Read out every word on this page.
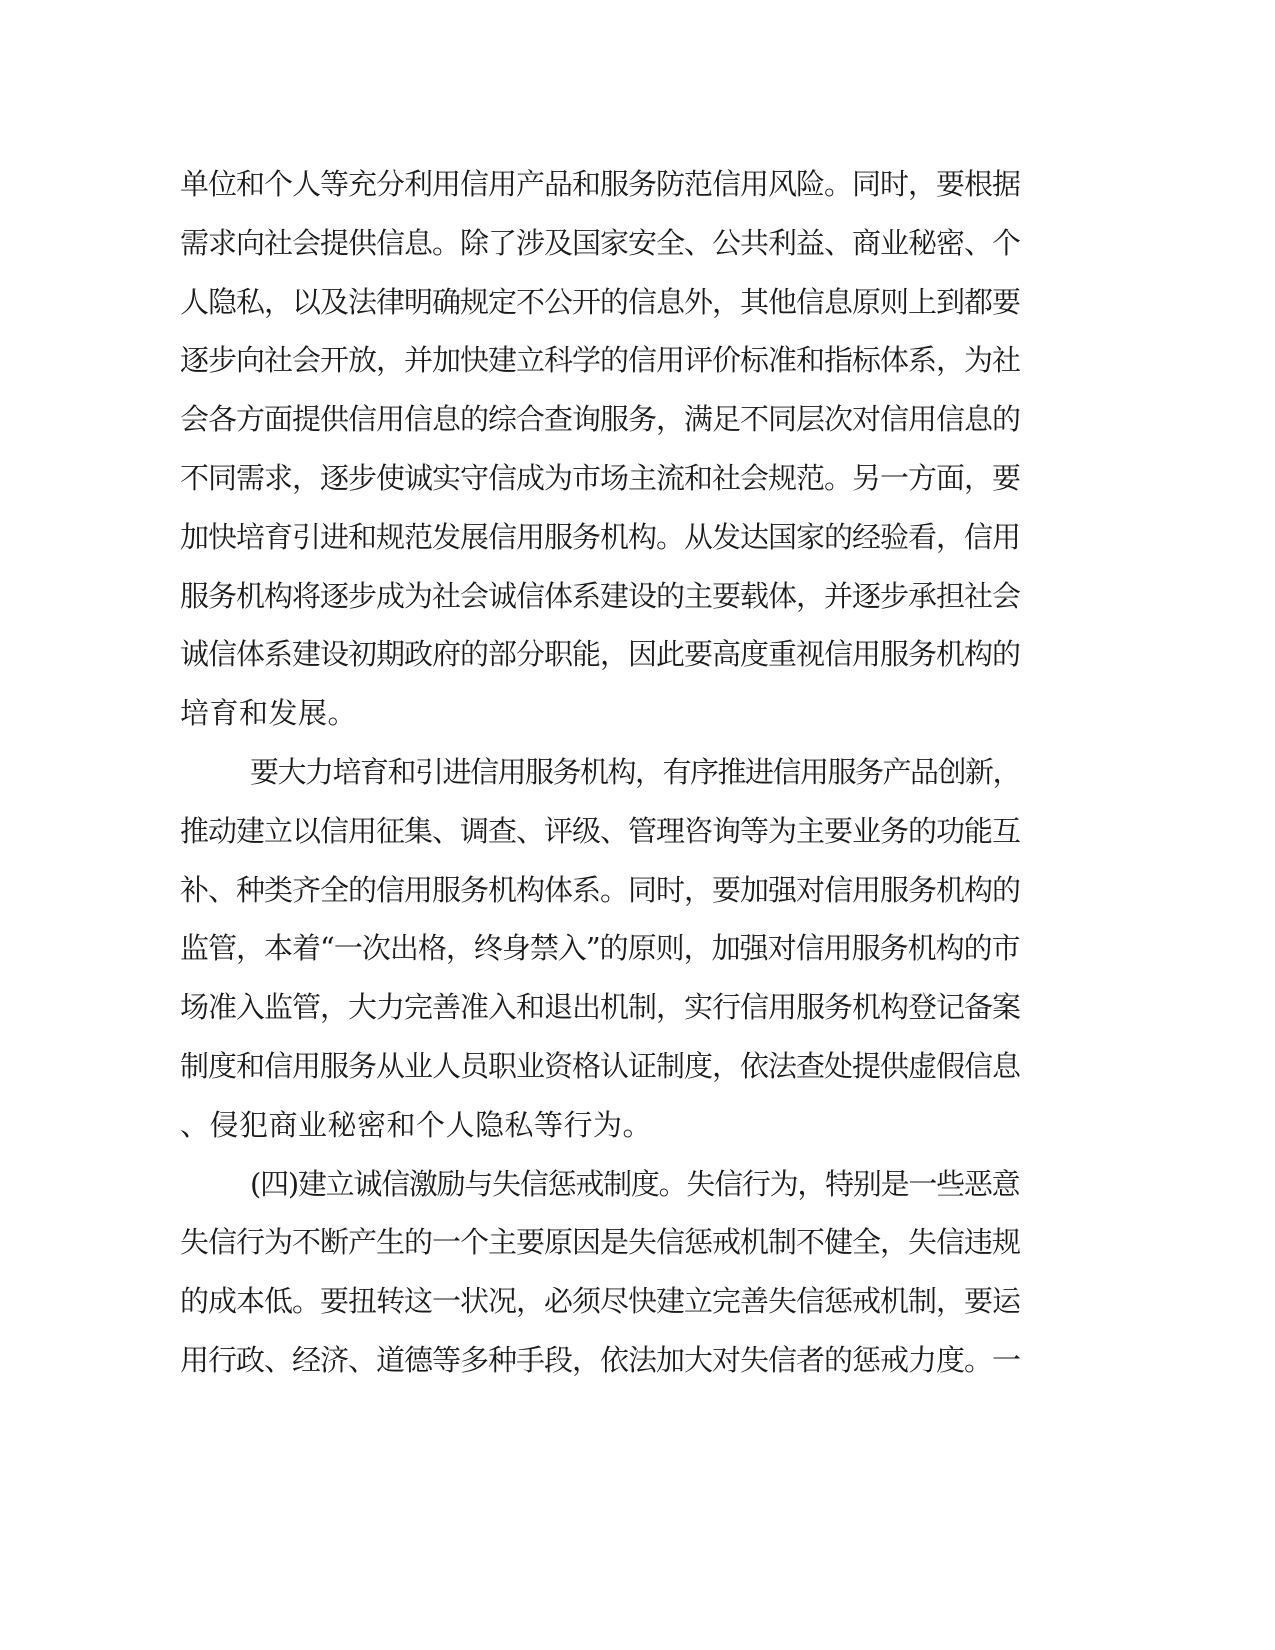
单位和个人等充分利用信用产品和服务防范信用风险。同时，要根据
需求向社会提供信息。除了涉及国家安全、公共利益、商业秘密、个
人隐私，以及法律明确规定不公开的信息外，其他信息原则上到都要
逐步向社会开放，并加快建立科学的信用评价标准和指标体系，为社
会各方面提供信用信息的综合查询服务，满足不同层次对信用信息的
不同需求，逐步使诚实守信成为市场主流和社会规范。另一方面，要
加快培育引进和规范发展信用服务机构。从发达国家的经验看，信用
服务机构将逐步成为社会诚信体系建设的主要载体，并逐步承担社会
诚信体系建设初期政府的部分职能，因此要高度重视信用服务机构的
培育和发展。
要大力培育和引进信用服务机构，有序推进信用服务产品创新，
推动建立以信用征集、调查、评级、管理咨询等为主要业务的功能互
补、种类齐全的信用服务机构体系。同时，要加强对信用服务机构的
监管，本着“一次出格，终身禁入”的原则，加强对信用服务机构的市
场准入监管，大力完善准入和退出机制，实行信用服务机构登记备案
制度和信用服务从业人员职业资格认证制度，依法查处提供虚假信息
、侵犯商业秘密和个人隐私等行为。
(四)建立诚信激励与失信惩戒制度。失信行为，特别是一些恶意
失信行为不断产生的一个主要原因是失信惩戒机制不健全，失信违规
的成本低。要扭转这一状况，必须尽快建立完善失信惩戒机制，要运
用行政、经济、道德等多种手段，依法加大对失信者的惩戒力度。一
